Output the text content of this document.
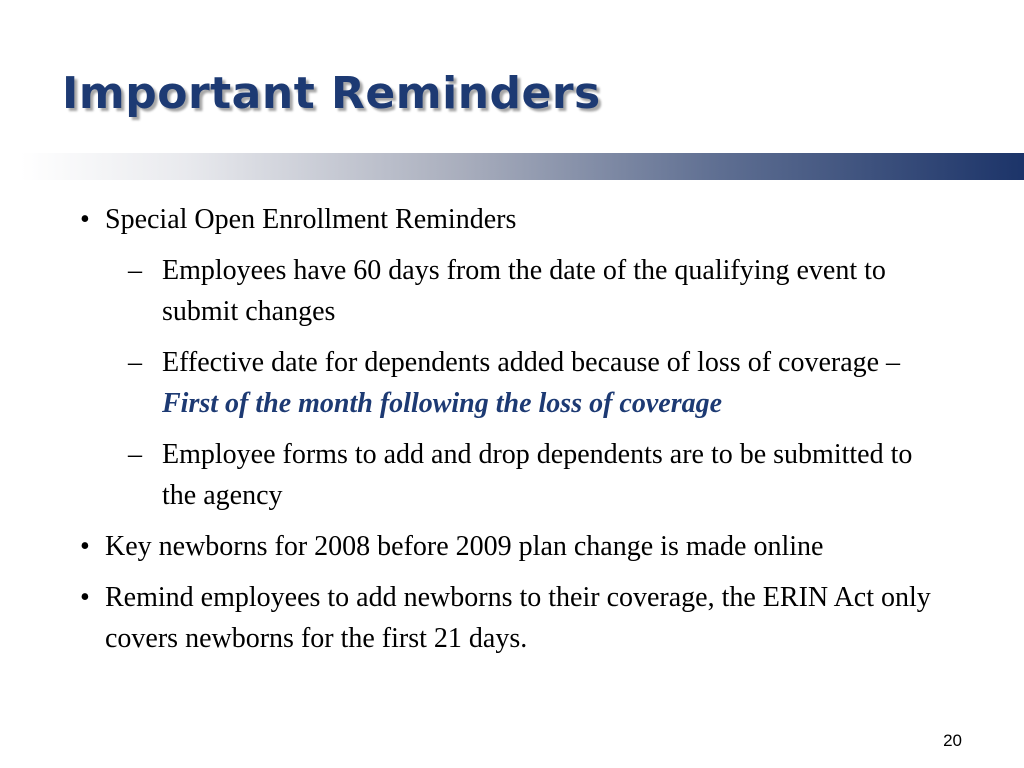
Important Reminders
• Special Open Enrollment Reminders
– Employees have 60 days from the date of the qualifying event to submit changes
– Effective date for dependents added because of loss of coverage – First of the month following the loss of coverage
– Employee forms to add and drop dependents are to be submitted to the agency
• Key newborns for 2008 before 2009 plan change is made online
• Remind employees to add newborns to their coverage, the ERIN Act only covers newborns for the first 21 days.
20
